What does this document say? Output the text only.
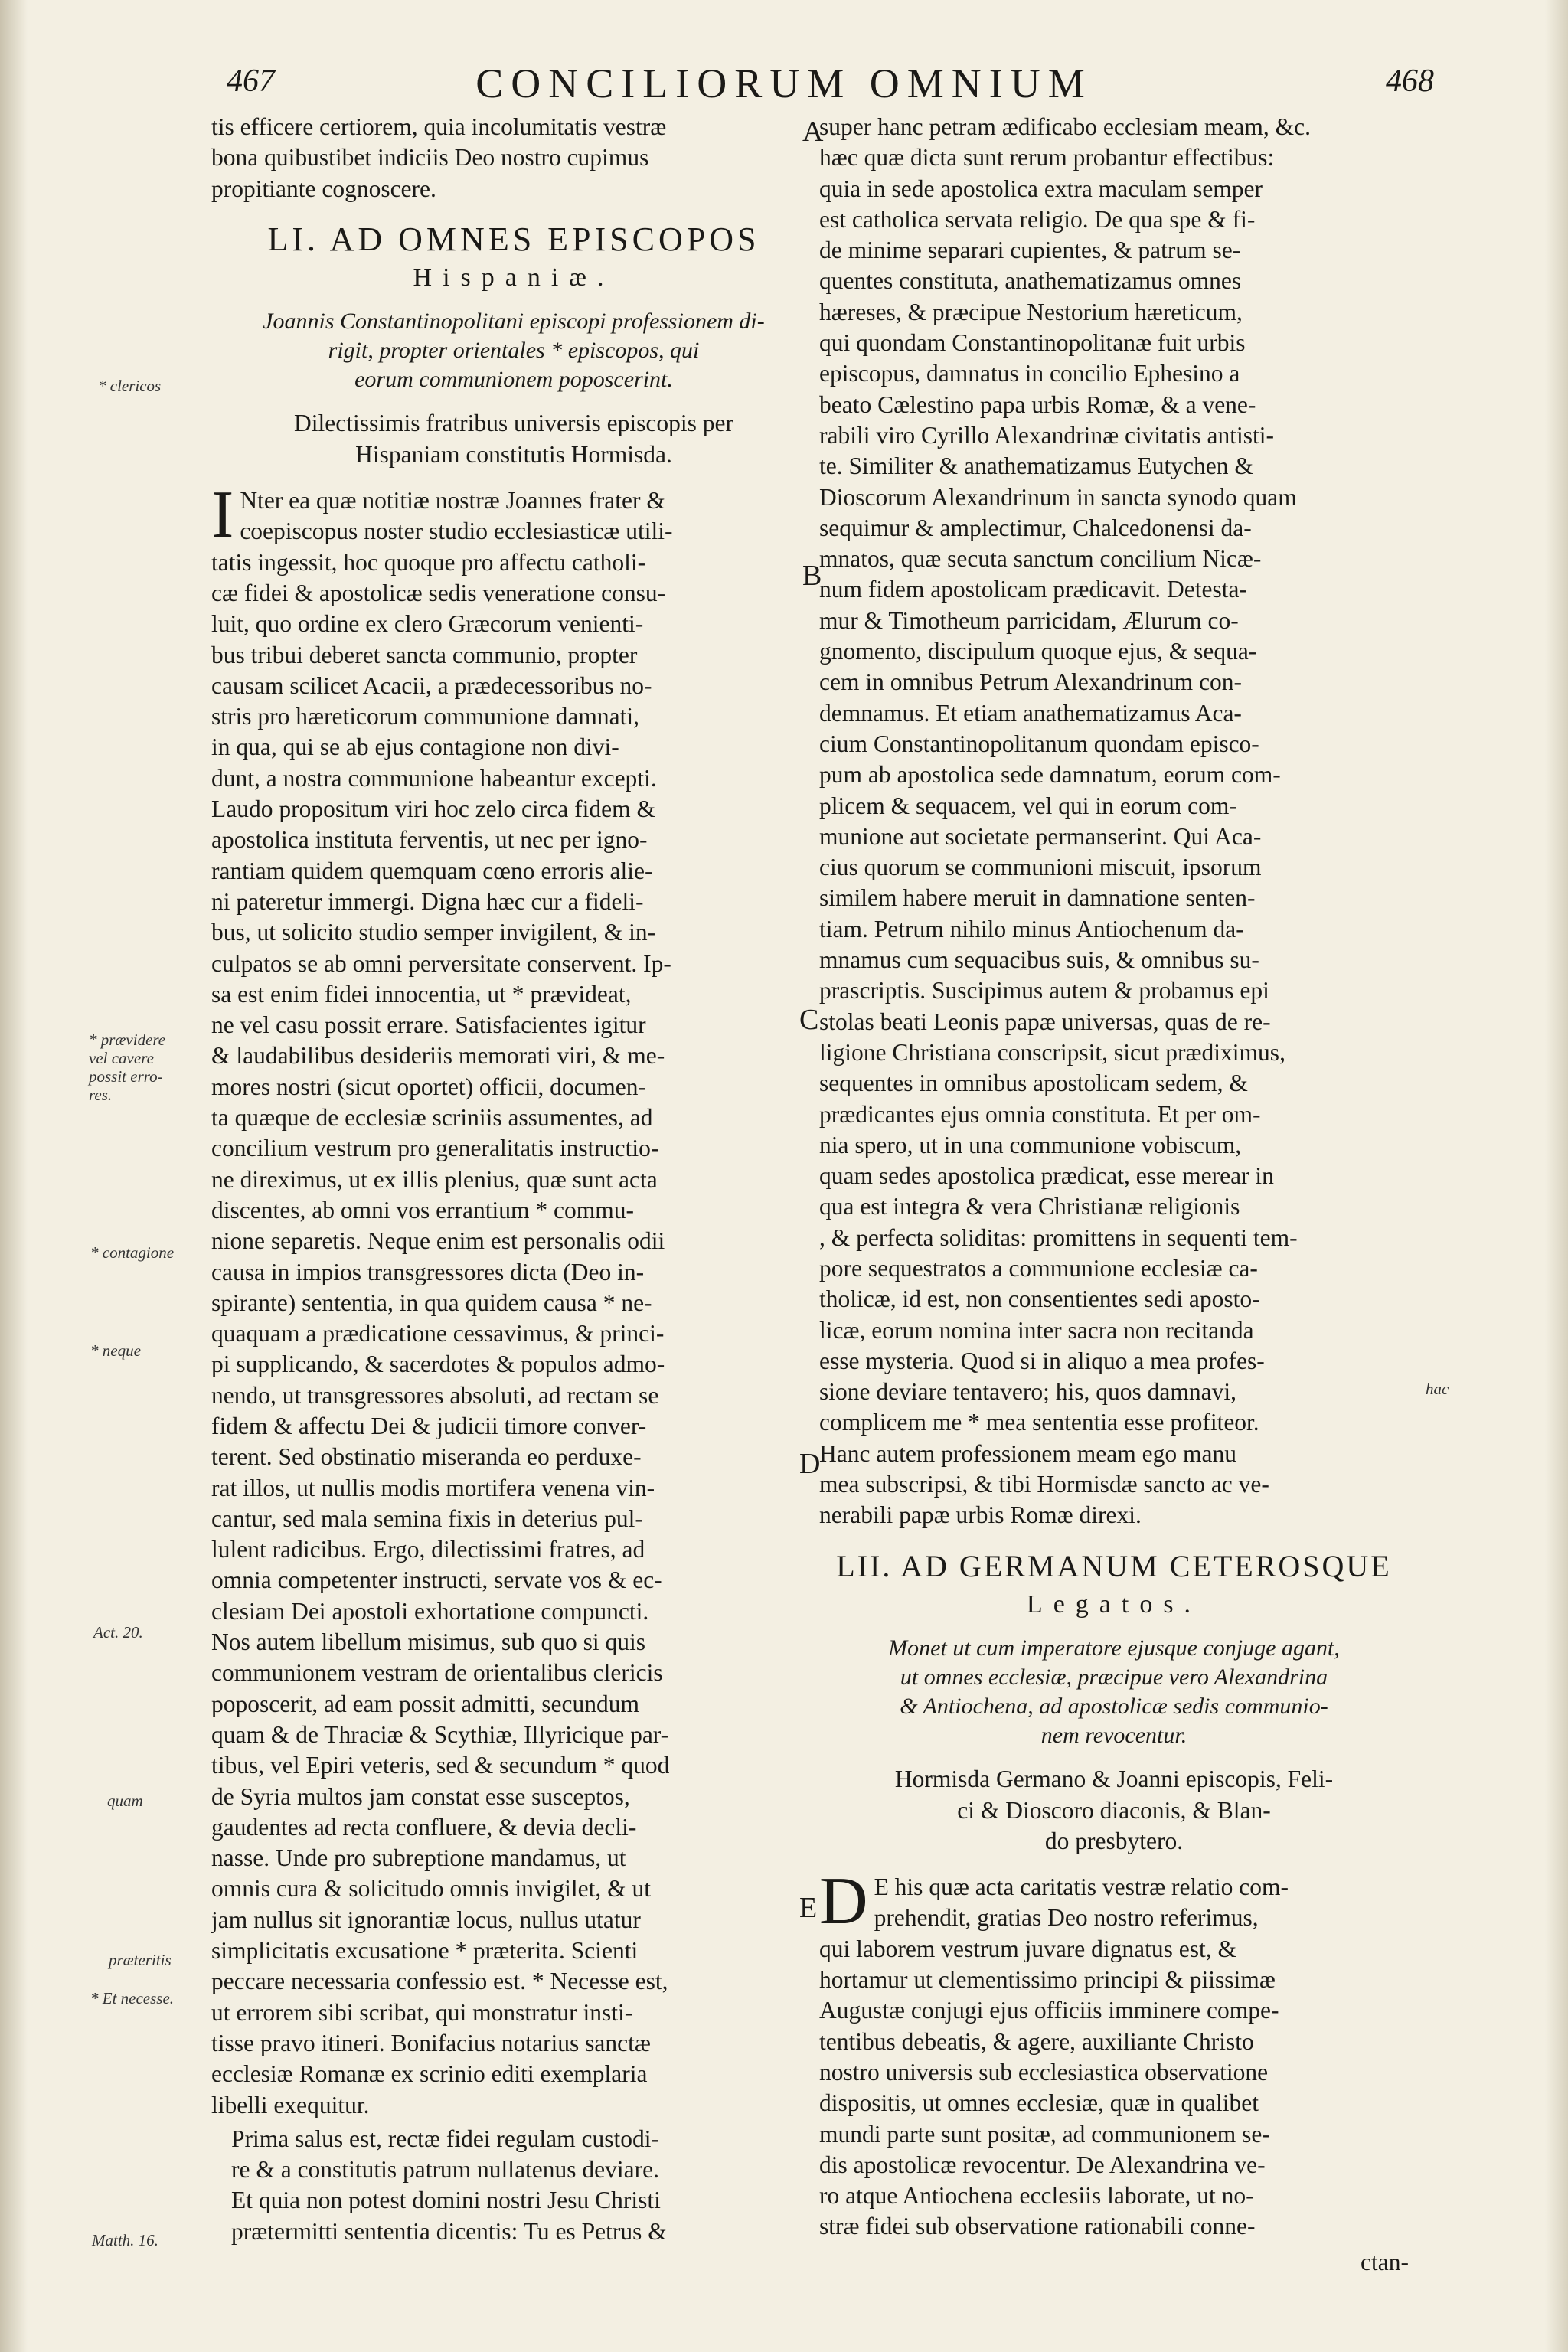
467	CONCILIORUM OMNIUM	468
tis efficere certiorem, quia incolumitatis vestræ
bona quibustibet indiciis Deo nostro cupimus
propitiante cognoscere.
LI. AD OMNES EPISCOPOS
Hispaniæ.
Joannis Constantinopolitani episcopi professionem di-
rigit, propter orientales * episcopos, qui
eorum communionem poposcerint.
Dilectissimis fratribus universis episcopis per
Hispaniam constitutis Hormisda.
I Nter ea quæ notitiæ nostræ Joannes frater &
coepiscopus noster studio ecclesiasticæ utili-
tatis ingessit, hoc quoque pro affectu catholi-
cæ fidei & apostolicæ sedis veneratione consu-
luit, quo ordine ex clero Græcorum venienti-
bus tribui deberet sancta communio, propter
causam scilicet Acacii, a prædecessoribus no-
stris pro hæreticorum communione damnati,
in qua, qui se ab ejus contagione non divi-
dunt, a nostra communione habeantur excepti.
Laudo propositum viri hoc zelo circa fidem &
apostolica instituta ferventis, ut nec per igno-
rantiam quidem quemquam cœno erroris alie-
ni pateretur immergi. Digna hæc cur a fideli-
bus, ut solicito studio semper invigilent, & in-
culpatos se ab omni perversitate conservent. Ip-
sa est enim fidei innocentia, ut * prævideat,
ne vel casu possit errare. Satisfacientes igitur
& laudabilibus desideriis memorati viri, & me-
mores nostri (sicut oportet) officii, documen-
ta quæque de ecclesiæ scriniis assumentes, ad
concilium vestrum pro generalitatis instructio-
ne direximus, ut ex illis plenius, quæ sunt acta
discentes, ab omni vos errantium * commu-
nione separetis. Neque enim est personalis odii
causa in impios transgressores dicta (Deo in-
spirante) sententia, in qua quidem causa * ne-
quaquam a prædicatione cessavimus, & princi-
pi supplicando, & sacerdotes & populos admo-
nendo, ut transgressores absoluti, ad rectam se
fidem & affectu Dei & judicii timore conver-
terent. Sed obstinatio miseranda eo perduxe-
rat illos, ut nullis modis mortifera venena vin-
cantur, sed mala semina fixis in deterius pul-
lulent radicibus. Ergo, dilectissimi fratres, ad
omnia competenter instructi, servate vos & ec-
clesiam Dei apostoli exhortatione compuncti.
Nos autem libellum misimus, sub quo si quis
communionem vestram de orientalibus clericis
poposcerit, ad eam possit admitti, secundum
quam & de Thraciæ & Scythiæ, Illyricique par-
tibus, vel Epiri veteris, sed & secundum * quod
de Syria multos jam constat esse susceptos,
gaudentes ad recta confluere, & devia decli-
nasse. Unde pro subreptione mandamus, ut
omnis cura & solicitudo omnis invigilet, & ut
jam nullus sit ignorantiæ locus, nullus utatur
simplicitatis excusatione * præterita. Scienti
peccare necessaria confessio est. * Necesse est,
ut errorem sibi scribat, qui monstratur insti-
tisse pravo itineri. Bonifacius notarius sanctæ
ecclesiæ Romanæ ex scrinio editi exemplaria
libelli exequitur.
Prima salus est, rectæ fidei regulam custodi-
re & a constitutis patrum nullatenus deviare.
Et quia non potest domini nostri Jesu Christi
prætermitti sententia dicentis: Tu es Petrus &
super hanc petram ædificabo ecclesiam meam, &c.
hæc quæ dicta sunt rerum probantur effectibus:
quia in sede apostolica extra maculam semper
est catholica servata religio. De qua spe & fi-
de minime separari cupientes, & patrum se-
quentes constituta, anathematizamus omnes
hæreses, & præcipue Nestorium hæreticum,
qui quondam Constantinopolitanæ fuit urbis
episcopus, damnatus in concilio Ephesino a
beato Cælestino papa urbis Romæ, & a vene-
rabili viro Cyrillo Alexandrinæ civitatis antisti-
te. Similiter & anathematizamus Eutychen &
Dioscorum Alexandrinum in sancta synodo quam
sequimur & amplectimur, Chalcedonensi da-
mnatos, quæ secuta sanctum concilium Nicæ-
num fidem apostolicam prædicavit. Detesta-
mur & Timotheum parricidam, Ælurum co-
gnomento, discipulum quoque ejus, & sequa-
cem in omnibus Petrum Alexandrinum con-
demnamus. Et etiam anathematizamus Aca-
cium Constantinopolitanum quondam episco-
pum ab apostolica sede damnatum, eorum com-
plicem & sequacem, vel qui in eorum com-
munione aut societate permanserint. Qui Aca-
cius quorum se communioni miscuit, ipsorum
similem habere meruit in damnatione senten-
tiam. Petrum nihilo minus Antiochenum da-
mnamus cum sequacibus suis, & omnibus su-
prascriptis. Suscipimus autem & probamus epi
stolas beati Leonis papæ universas, quas de re-
ligione Christiana conscripsit, sicut prædiximus,
sequentes in omnibus apostolicam sedem, &
prædicantes ejus omnia constituta. Et per om-
nia spero, ut in una communione vobiscum,
quam sedes apostolica prædicat, esse merear in
qua est integra & vera Christianæ religionis
, & perfecta soliditas: promittens in sequenti tem-
pore sequestratos a communione ecclesiæ ca-
tholicæ, id est, non consentientes sedi aposto-
licæ, eorum nomina inter sacra non recitanda
esse mysteria. Quod si in aliquo a mea profes-
sione deviare tentavero; his, quos damnavi,
complicem me * mea sententia esse profiteor.
Hanc autem professionem meam ego manu
mea subscripsi, & tibi Hormisdæ sancto ac ve-
nerabili papæ urbis Romæ direxi.
LII. AD GERMANUM CETEROSQUE
Legatos.
Monet ut cum imperatore ejusque conjuge agant,
ut omnes ecclesiæ, præcipue vero Alexandrina
& Antiochena, ad apostolicæ sedis communio-
nem revocentur.
Hormisda Germano & Joanni episcopis, Feli-
ci & Dioscoro diaconis, & Blan-
do presbytero.
D E his quæ acta caritatis vestræ relatio com-
prehendit, gratias Deo nostro referimus,
qui laborem vestrum juvare dignatus est, &
hortamur ut clementissimo principi & piissimæ
Augustæ conjugi ejus officiis imminere compe-
tentibus debeatis, & agere, auxiliante Christo
nostro universis sub ecclesiastica observatione
dispositis, ut omnes ecclesiæ, quæ in qualibet
mundi parte sunt positæ, ad communionem se-
dis apostolicæ revocentur. De Alexandrina ve-
ro atque Antiochena ecclesiis laborate, ut no-
stræ fidei sub observatione rationabili conne-
ctan-
* clericos
* prævidere vel cavere possit erro- res.
* contagione
* neque
Act. 20.
quam
præteritis
* Et necesse.
Matth. 16.
hac
A
B
C
D
E
